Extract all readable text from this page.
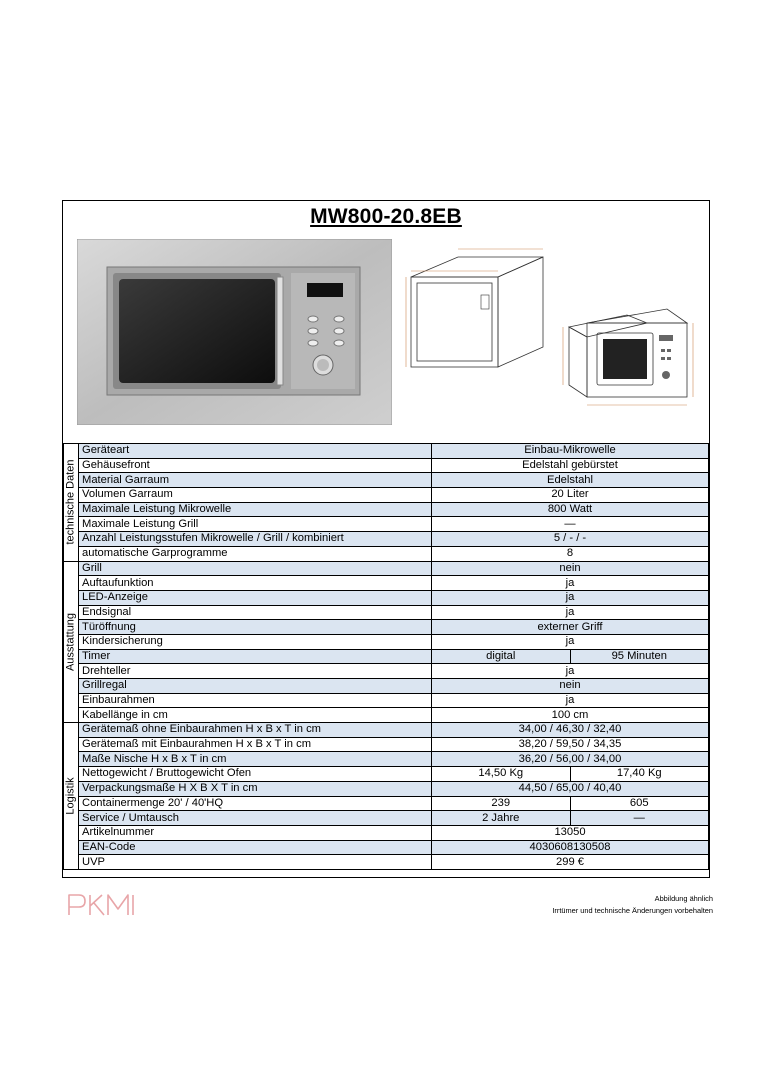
MW800-20.8EB
technische Daten	Geräteart	Einbau-Mikrowelle	
	Gehäusefront	Edelstahl gebürstet	
	Material Garraum	Edelstahl	
	Volumen Garraum	20 Liter	
	Maximale Leistung Mikrowelle	800 Watt	
	Maximale Leistung Grill	—	
	Anzahl Leistungsstufen Mikrowelle / Grill / kombiniert	5 / - / -	
	automatische Garprogramme	8	

Ausstattung	Grill	nein	
	Auftaufunktion	ja	
	LED-Anzeige	ja	
	Endsignal	ja	
	Türöffnung	externer Griff	
	Kindersicherung	ja	
	Timer	digital	95 Minuten
	Drehteller	ja	
	Grillregal	nein	
	Einbaurahmen	ja	
	Kabellänge in cm	100 cm	

Logistik	Gerätemaß ohne Einbaurahmen H x B x T in cm	34,00 / 46,30 / 32,40	
	Gerätemaß mit Einbaurahmen H x B x T in cm	38,20 / 59,50 / 34,35	
	Maße Nische H x B x T in cm	36,20 / 56,00 / 34,00	
	Nettogewicht / Bruttogewicht Ofen	14,50 Kg	17,40 Kg
	Verpackungsmaße H X B X T in cm	44,50 / 65,00 / 40,40	
	Containermenge 20' / 40'HQ	239	605
	Service / Umtausch	2 Jahre	—
	Artikelnummer	13050	
	EAN-Code	4030608130508	
	UVP	299 €	
Abbildung ähnlich
Irrtümer und technische Änderungen vorbehalten
